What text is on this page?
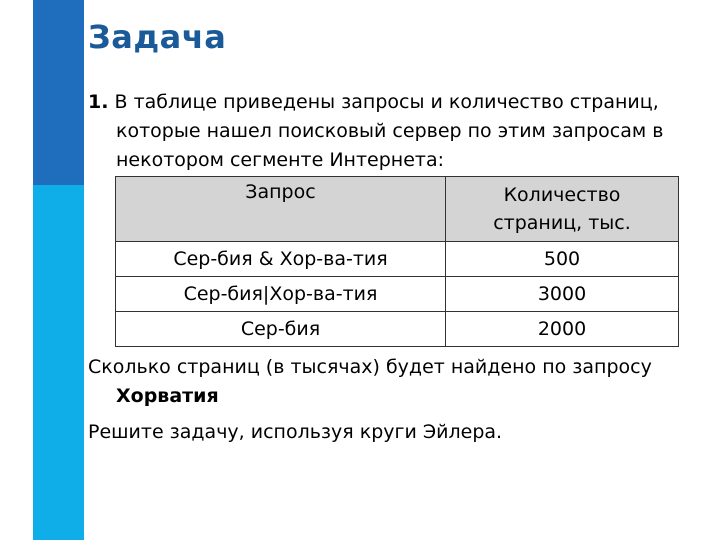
Задача
1. В таблице приведены запросы и количество страниц,
которые нашел поисковый сервер по этим запросам в
некотором сегменте Интернета:
Запрос	Количество
страниц, тыс.

Сер-бия & Хор-ва-тия	500
Сер-бия|Хор-ва-тия	3000
Сер-бия	2000
Сколько страниц (в тысячах) будет найдено по запросу
Хорватия
Решите задачу, используя круги Эйлера.
